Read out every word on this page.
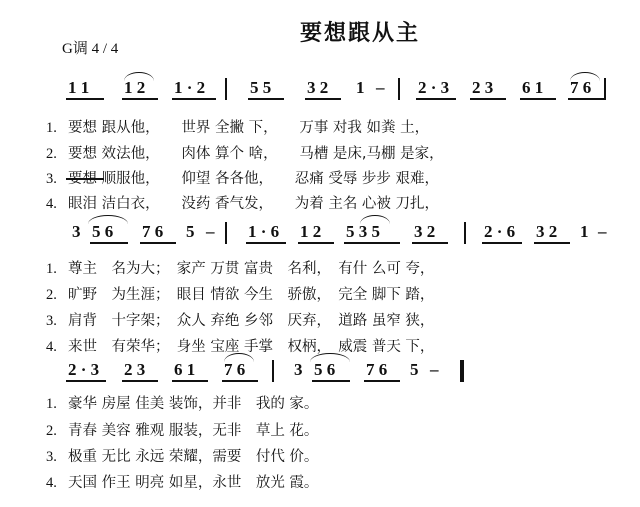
要想跟从主
G调 4 / 4
1 1 1 2 1 · 2	5 5 3 2 1 – 2 · 3 2 3 6 1 7 6
1. 要想 跟从他，　　世界 全撇 下，　　万事 对我 如粪 土，
2. 要想 效法他，　　肉体 算个 啥，　　马槽 是床,马棚 是家，
3. 要想 顺服他，　　仰望 各各他，　　忍痛 受辱 步步 艰难，
4. 眼泪 洁白衣，　　没药 香气发，　　为着 主名 心被 刀扎，
3 5 6 7 6 5 – 1 · 6 1 2 5 3 5 3 2	2 · 6 3 2 1 –
1. 尊主　名为大；　家产 万贯 富贵　名利，　有什 么可 夸，
2. 旷野　为生涯；　眼目 情欲 今生　骄傲，　完全 脚下 踏，
3. 肩背　十字架；　众人 弃绝 乡邻　厌弃，　道路 虽窄 狭，
4. 来世　有荣华；　身坐 宝座 手掌　权柄，　威震 普天 下，
2 · 3 2 3 6 1 7 6	3 5 6 7 6 5 –
1. 豪华 房屋 佳美 装饰，并非　我的 家。
2. 青春 美容 雅观 服装，无非　草上 花。
3. 极重 无比 永远 荣耀，需要　付代 价。
4. 天国 作王 明亮 如星，永世　放光 霞。
